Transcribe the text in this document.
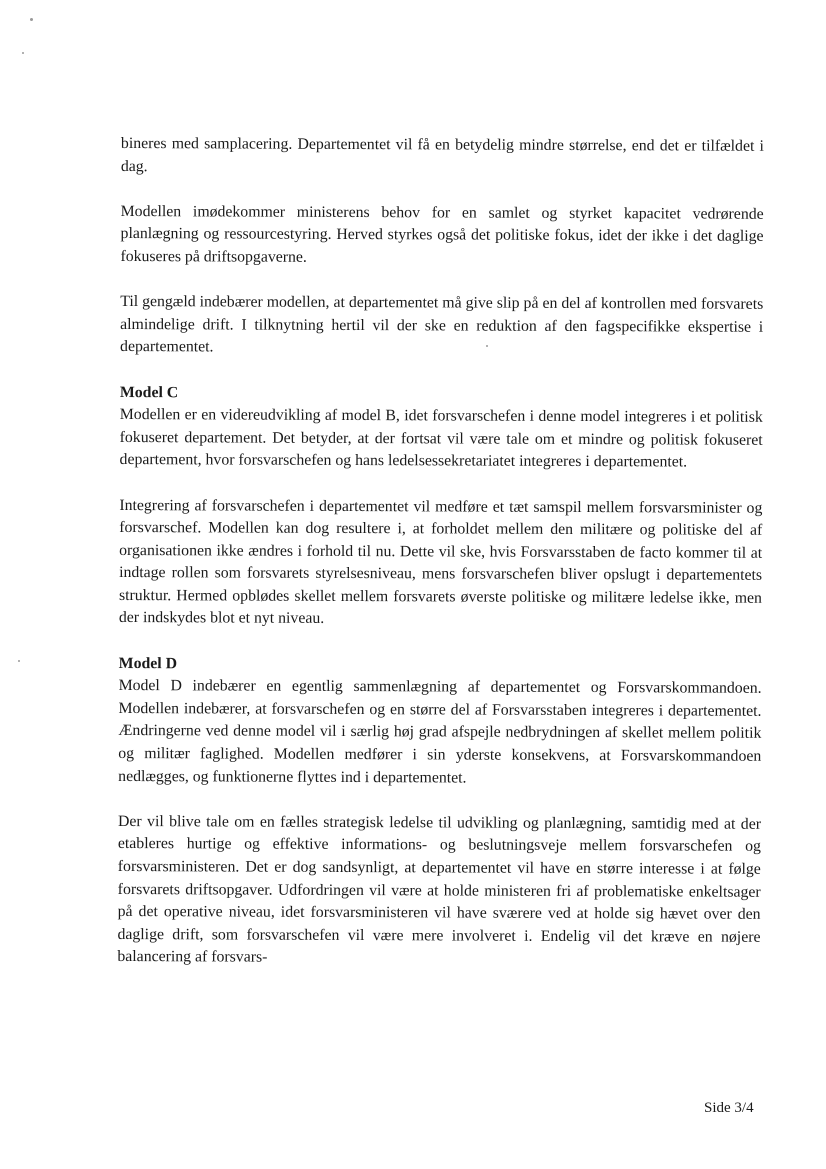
bineres med samplacering. Departementet vil få en betydelig mindre størrelse, end det er tilfældet i dag.

Modellen imødekommer ministerens behov for en samlet og styrket kapacitet vedrørende planlægning og ressourcestyring. Herved styrkes også det politiske fokus, idet der ikke i det daglige fokuseres på driftsopgaverne.

Til gengæld indebærer modellen, at departementet må give slip på en del af kontrollen med forsvarets almindelige drift. I tilknytning hertil vil der ske en reduktion af den fagspecifikke ekspertise i departementet.

Model C

Modellen er en videreudvikling af model B, idet forsvarschefen i denne model integreres i et politisk fokuseret departement. Det betyder, at der fortsat vil være tale om et mindre og politisk fokuseret departement, hvor forsvarschefen og hans ledelsessekretariatet integreres i departementet.

Integrering af forsvarschefen i departementet vil medføre et tæt samspil mellem forsvarsminister og forsvarschef. Modellen kan dog resultere i, at forholdet mellem den militære og politiske del af organisationen ikke ændres i forhold til nu. Dette vil ske, hvis Forsvarsstaben de facto kommer til at indtage rollen som forsvarets styrelsesniveau, mens forsvarschefen bliver opslugt i departementets struktur. Hermed opblødes skellet mellem forsvarets øverste politiske og militære ledelse ikke, men der indskydes blot et nyt niveau.

Model D

Model D indebærer en egentlig sammenlægning af departementet og Forsvarskommandoen. Modellen indebærer, at forsvarschefen og en større del af Forsvarsstaben integreres i departementet. Ændringerne ved denne model vil i særlig høj grad afspejle nedbrydningen af skellet mellem politik og militær faglighed. Modellen medfører i sin yderste konsekvens, at Forsvarskommandoen nedlægges, og funktionerne flyttes ind i departementet.

Der vil blive tale om en fælles strategisk ledelse til udvikling og planlægning, samtidig med at der etableres hurtige og effektive informations- og beslutningsveje mellem forsvarschefen og forsvarsministeren. Det er dog sandsynligt, at departementet vil have en større interesse i at følge forsvarets driftsopgaver. Udfordringen vil være at holde ministeren fri af problematiske enkeltsager på det operative niveau, idet forsvarsministeren vil have sværere ved at holde sig hævet over den daglige drift, som forsvarschefen vil være mere involveret i. Endelig vil det kræve en nøjere balancering af forsvars-

Side 3/4
